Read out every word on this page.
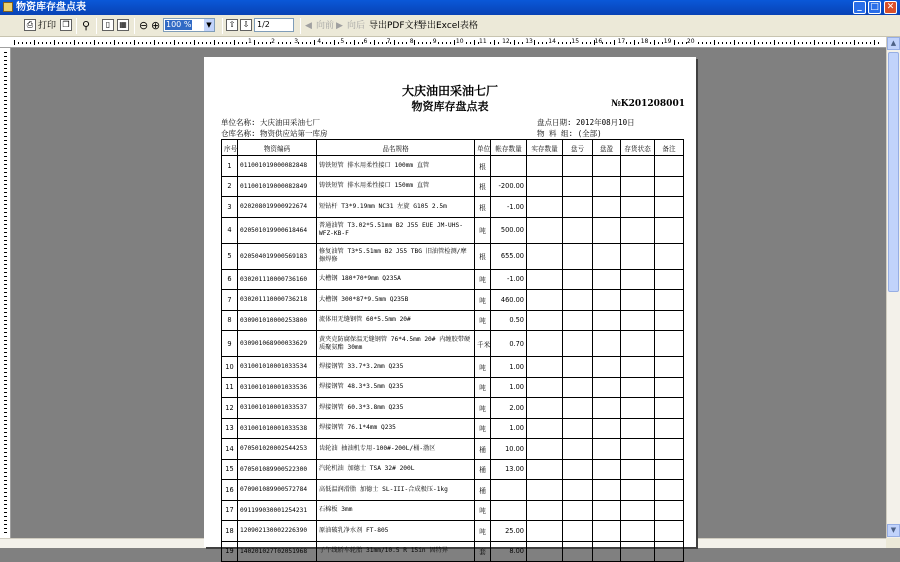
物资库存盘点表	_ □ ✕
⎙ 打印 ❐ ⚲	▯	▦ ⊖ ⊕ 100 %	▼	⇧ ⇩ 1/2	◀ 向前 ▶ 向后 导出PDF文档
导出Excel表格
1	2	3	4	5	6	7	8	9	10	11	12	13	14	15	16	17	18	19	20	▲
▼
大庆油田采油七厂
物资库存盘点表	№K201208001
单位名称: 大庆油田采油七厂
仓库名称: 物资供应站第一库房
盘点日期: 2012年08月10日
物 料 组: (全部)
序号	物资编码	品名规格	单位	帐存数量	实存数量	盘亏	盘盈	存货状态	备注
1	011001019000082848	铸铁短管 排水用柔性接口 100mm 直管	根						
2	011001019000082849	铸铁短管 排水用柔性接口 150mm 直管	根	-200.00					
3	020208019900922674	短钻杆 T3*9.19mm NC31 左旋 G105 2.5m	根	-1.00					
4	020501019900618464	普通油管 T3.02*5.51mm B2 J55 EUE JM-UHS-WFZ-KB-F	吨	500.00					
5	020504019900569183	修复油管 T3*5.51mm B2 J55 TBG 旧油管检测/摩擦焊修	根	655.00					
6	030201110000736160	大槽钢 180*70*9mm Q235A	吨	-1.00					
7	030201110000736218	大槽钢 300*87*9.5mm Q235B	吨	460.00					
8	030901010000253800	流体用无缝钢管 60*5.5mm 20#	吨	0.50					
9	030901068900033629	黄夹克防腐保温无缝钢管 76*4.5mm 20# 内缠胶带硬质聚氨酯 30mm	千米	0.70					
10	031001010001033534	焊接钢管 33.7*3.2mm Q235	吨	1.00					
11	031001010001033536	焊接钢管 48.3*3.5mm Q235	吨	1.00					
12	031001010001033537	焊接钢管 60.3*3.8mm Q235	吨	2.00					
13	031001010001033538	焊接钢管 76.1*4mm Q235	吨	1.00					
14	070501020002544253	齿轮油 抽油机专用-100#-200L/桶-渤区	桶	10.00					
15	070501089900522300	汽轮机油 加德士 TSA 32# 200L	桶	13.00					
16	070901089900572784	高低温润滑脂 加德士 SL-III-合成极压-1kg	桶						
17	091199030001254231	石棉板 3mm	吨						
18	120902130002226390	原油破乳净水剂 FT-805	吨	25.00					
19	140201027T02051968	子午线轿车轮胎 31mm/10.5 R 15in 固特异	套	8.00					
